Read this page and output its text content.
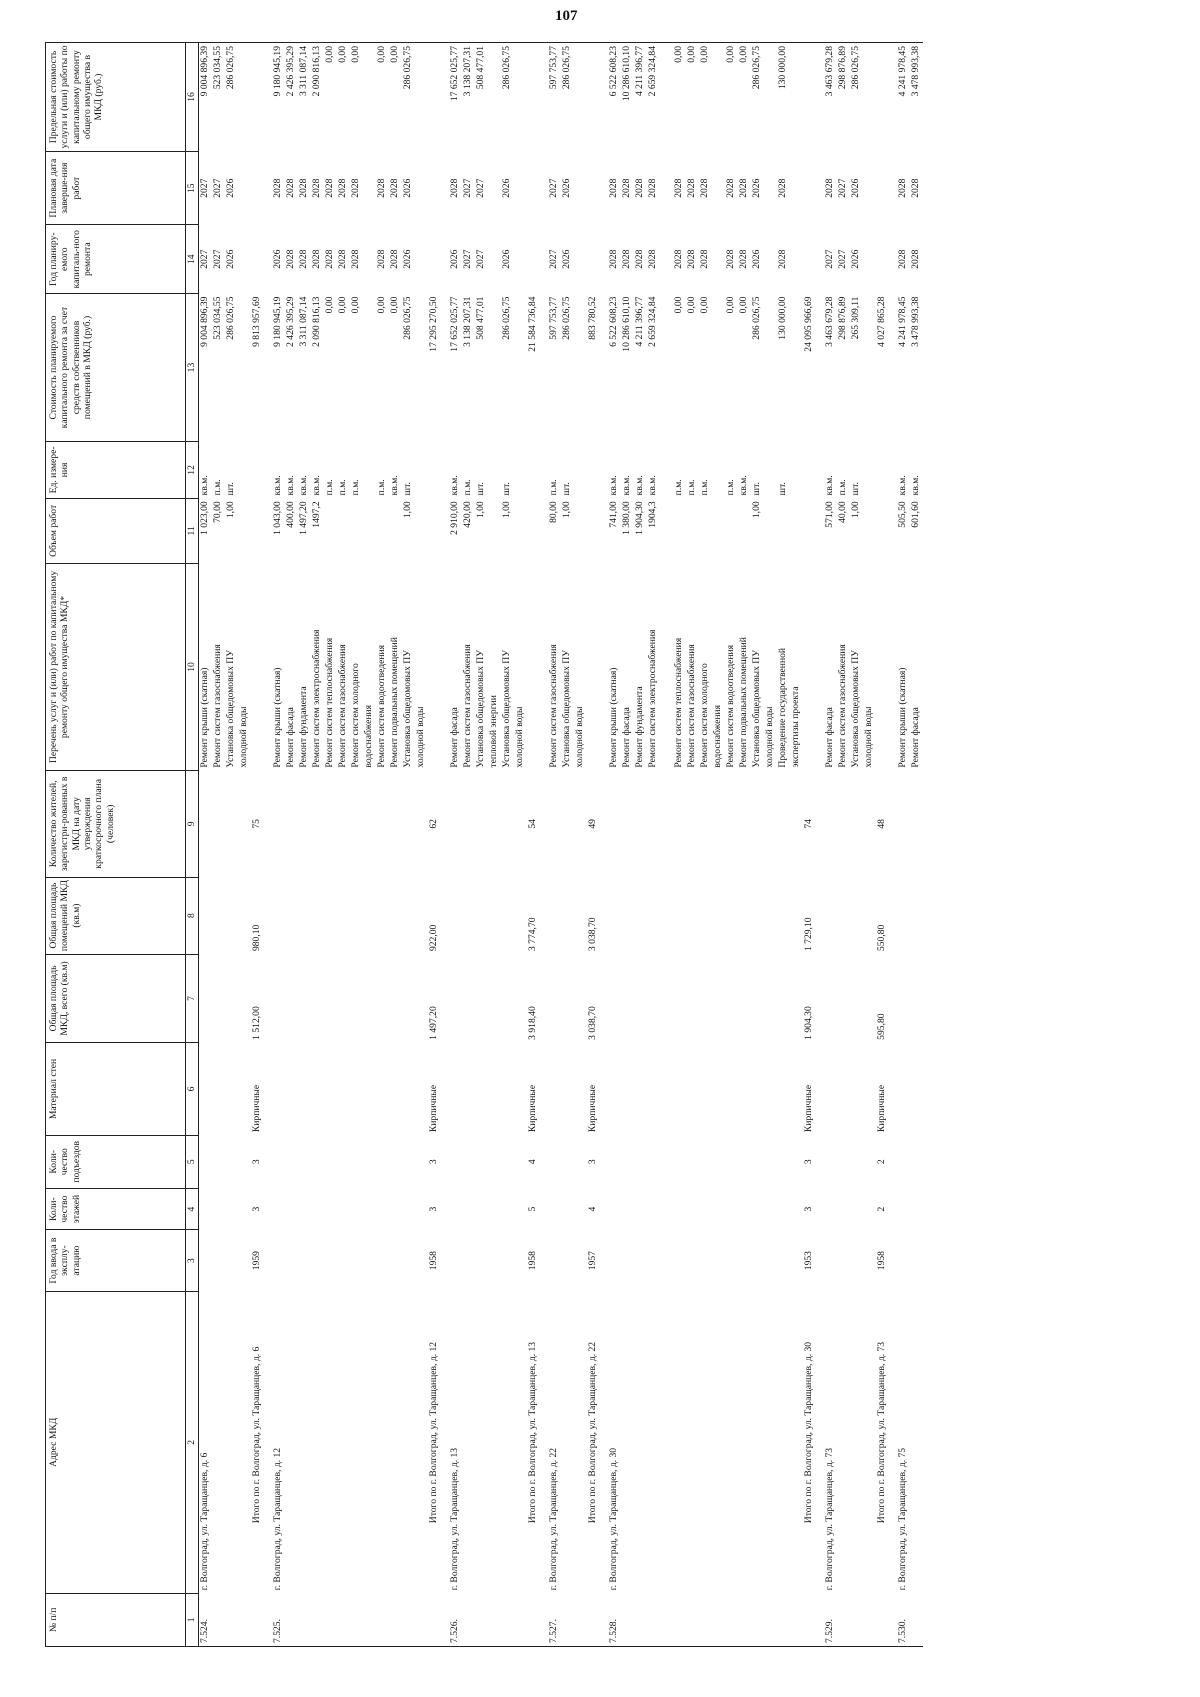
107
№ п/п	Адрес МКД	Год ввода в эксплу-атацию	Коли-чество этажей	Коли-чество подъездов	Материал стен	Общая площадь МКД, всего (кв.м)	Общая площадь помещений МКД (кв.м)	Количество жителей, зарегистри-рованных в МКД на дату утверждения краткосрочного плана (человек)	Перечень услуг и (или) работ по капитальному ремонту общего имущества МКД*	Объем работ	Ед. измере-ния	Стоимость планируемого капитального ремонта за счет средств собственников помещений в МКД (руб.)	Год планиру-емого капиталь-ного ремонта	Плановая дата заверше-ния работ	Предельная стоимость услуги и (или) работы по капитальному ремонту общего имущества в МКД (руб.)
1	2	3	4	5	6	7	8	9	10	11	12	13	14	15	16
7.524.	г. Волгоград, ул. Таращанцев, д. 6								Ремонт крыши (скатная)	1 023,00	кв.м.	9 004 896,39	2027	2027	9 004 896,39
									Ремонт систем газоснабжения	70,00	п.м.	523 034,55	2027	2027	523 034,55
									Установка общедомовых ПУ	1,00	шт.	286 026,75	2026	2026	286 026,75
									холодной воды						
	Итого по г. Волгоград, ул. Таращанцев, д. 6	1959	3	3	Кирпичные	1 512,00	980,10	75				9 813 957,69			

7.525.	г. Волгоград, ул. Таращанцев, д. 12								Ремонт крыши (скатная)	1 043,00	кв.м.	9 180 945,19	2026	2028	9 180 945,19
									Ремонт фасада	400,00	кв.м.	2 426 395,29	2028	2028	2 426 395,29
									Ремонт фундамента	1 497,20	кв.м.	3 311 087,14	2028	2028	3 311 087,14
									Ремонт систем электроснабжения	1497,2	кв.м.	2 090 816,13	2028	2028	2 090 816,13
									Ремонт систем теплоснабжения		п.м.	0,00	2028	2028	0,00
									Ремонт систем газоснабжения		п.м.	0,00	2028	2028	0,00
									Ремонт систем холодного		п.м.	0,00	2028	2028	0,00
									водоснабжения						
									Ремонт систем водоотведения		п.м.	0,00	2028	2028	0,00
									Ремонт подвальных помещений		кв.м.	0,00	2028	2028	0,00
									Установка общедомовых ПУ	1,00	шт.	286 026,75	2026	2026	286 026,75
									холодной воды						
	Итого по г. Волгоград, ул. Таращанцев, д. 12	1958	3	3	Кирпичные	1 497,20	922,00	62				17 295 270,50			

7.526.	г. Волгоград, ул. Таращанцев, д. 13								Ремонт фасада	2 910,00	кв.м.	17 652 025,77	2026	2028	17 652 025,77
									Ремонт систем газоснабжения	420,00	п.м.	3 138 207,31	2027	2027	3 138 207,31
									Установка общедомовых ПУ	1,00	шт.	508 477,01	2027	2027	508 477,01
									тепловой энергии						
									Установка общедомовых ПУ	1,00	шт.	286 026,75	2026	2026	286 026,75
									холодной воды						
	Итого по г. Волгоград, ул. Таращанцев, д. 13	1958	5	4	Кирпичные	3 918,40	3 774,70	54				21 584 736,84			

7.527.	г. Волгоград, ул. Таращанцев, д. 22								Ремонт систем газоснабжения	80,00	п.м.	597 753,77	2027	2027	597 753,77
									Установка общедомовых ПУ	1,00	шт.	286 026,75	2026	2026	286 026,75
									холодной воды						
	Итого по г. Волгоград, ул. Таращанцев, д. 22	1957	4	3	Кирпичные	3 038,70	3 038,70	49				883 780,52			

7.528.	г. Волгоград, ул. Таращанцев, д. 30								Ремонт крыши (скатная)	741,00	кв.м.	6 522 608,23	2028	2028	6 522 608,23
									Ремонт фасада	1 380,00	кв.м.	10 286 610,10	2028	2028	10 286 610,10
									Ремонт фундамента	1 904,30	кв.м.	4 211 396,77	2028	2028	4 211 396,77
									Ремонт систем электроснабжения	1904,3	кв.м.	2 659 324,84	2028	2028	2 659 324,84

									Ремонт систем теплоснабжения		п.м.	0,00	2028	2028	0,00
									Ремонт систем газоснабжения		п.м.	0,00	2028	2028	0,00
									Ремонт систем холодного		п.м.	0,00	2028	2028	0,00
									водоснабжения						
									Ремонт систем водоотведения		п.м.	0,00	2028	2028	0,00
									Ремонт подвальных помещений		кв.м.	0,00	2028	2028	0,00
									Установка общедомовых ПУ	1,00	шт.	286 026,75	2026	2026	286 026,75
									холодной воды						
									Проведение государственной		шт.	130 000,00	2028	2028	130 000,00
									экспертизы проекта						
	Итого по г. Волгоград, ул. Таращанцев, д. 30	1953	3	3	Кирпичные	1 904,30	1 729,10	74				24 095 966,69			

7.529.	г. Волгоград, ул. Таращанцев, д. 73								Ремонт фасада	571,00	кв.м.	3 463 679,28	2027	2028	3 463 679,28
									Ремонт систем газоснабжения	40,00	п.м.	298 876,89	2027	2027	298 876,89
									Установка общедомовых ПУ	1,00	шт.	265 309,11	2026	2026	286 026,75
									холодной воды						
	Итого по г. Волгоград, ул. Таращанцев, д. 73	1958	2	2	Кирпичные	595,80	550,80	48				4 027 865,28			

7.530.	г. Волгоград, ул. Таращанцев, д. 75								Ремонт крыши (скатная)	505,50	кв.м.	4 241 978,45	2028	2028	4 241 978,45
									Ремонт фасада	601,60	кв.м.	3 478 993,38	2028	2028	3 478 993,38
